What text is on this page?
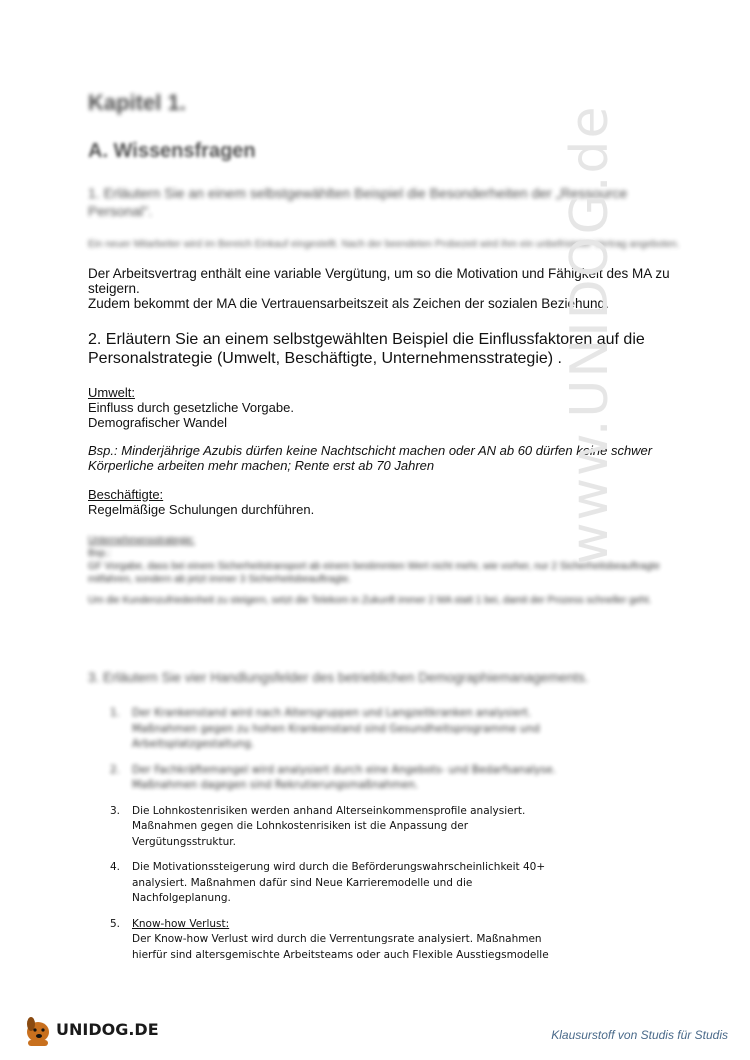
Kapitel 1.
A. Wissensfragen
1. Erläutern Sie an einem selbstgewählten Beispiel die Besonderheiten der „Ressource Personal".
Ein neuer Mitarbeiter wird im Bereich Einkauf eingestellt. Nach der beendeten Probezeit wird ihm ein unbefristeter Vertrag angeboten.
Der Arbeitsvertrag enthält eine variable Vergütung, um so die Motivation und Fähigkeit des MA zu steigern.
Zudem bekommt der MA die Vertrauensarbeitszeit als Zeichen der sozialen Beziehung.
2. Erläutern Sie an einem selbstgewählten Beispiel die Einflussfaktoren auf die Personalstrategie (Umwelt, Beschäftigte, Unternehmensstrategie) .
Umwelt:
Einfluss durch gesetzliche Vorgabe.
Demografischer Wandel
Bsp.: Minderjährige Azubis dürfen keine Nachtschicht machen oder AN ab 60 dürfen keine schwer Körperliche arbeiten mehr machen; Rente erst ab 70 Jahren
Beschäftigte:
Regelmäßige Schulungen durchführen.
Unternehmensstrategie:
Bsp.:
GF Vorgabe, dass bei einem Sicherheitstransport ab einem bestimmten Wert nicht mehr, wie vorher, nur 2 Sicherheitsbeauftragte mitfahren, sondern ab jetzt immer 3 Sicherheitsbeauftragte.
Um die Kundenzufriedenheit zu steigern, setzt die Telekom in Zukunft immer 2 MA statt 1 bei, damit der Prozess schneller geht.
3. Erläutern Sie vier Handlungsfelder des betrieblichen Demographiemanagements.
1. Der Krankenstand wird nach Altersgruppen und Langzeitkranken analysiert. Maßnahmen gegen zu hohen Krankenstand sind Gesundheitsprogramme und Arbeitsplatzgestaltung.
2. Der Fachkräftemangel wird analysiert durch eine Angebots- und Bedarfsanalyse. Maßnahmen dagegen sind Rekrutierungsmaßnahmen.
3. Die Lohnkostenrisiken werden anhand Alterseinkommensprofile analysiert. Maßnahmen gegen die Lohnkostenrisiken ist die Anpassung der Vergütungsstruktur.
4. Die Motivationssteigerung wird durch die Beförderungswahrscheinlichkeit 40+ analysiert. Maßnahmen dafür sind Neue Karrieremodelle und die Nachfolgeplanung.
5. Know-how Verlust:
Der Know-how Verlust wird durch die Verrentungsrate analysiert. Maßnahmen hierfür sind altersgemischte Arbeitsteams oder auch Flexible Ausstiegsmodelle
www.UNIDOG.de
UNIDOG.DE	Klausurstoff von Studis für Studis
